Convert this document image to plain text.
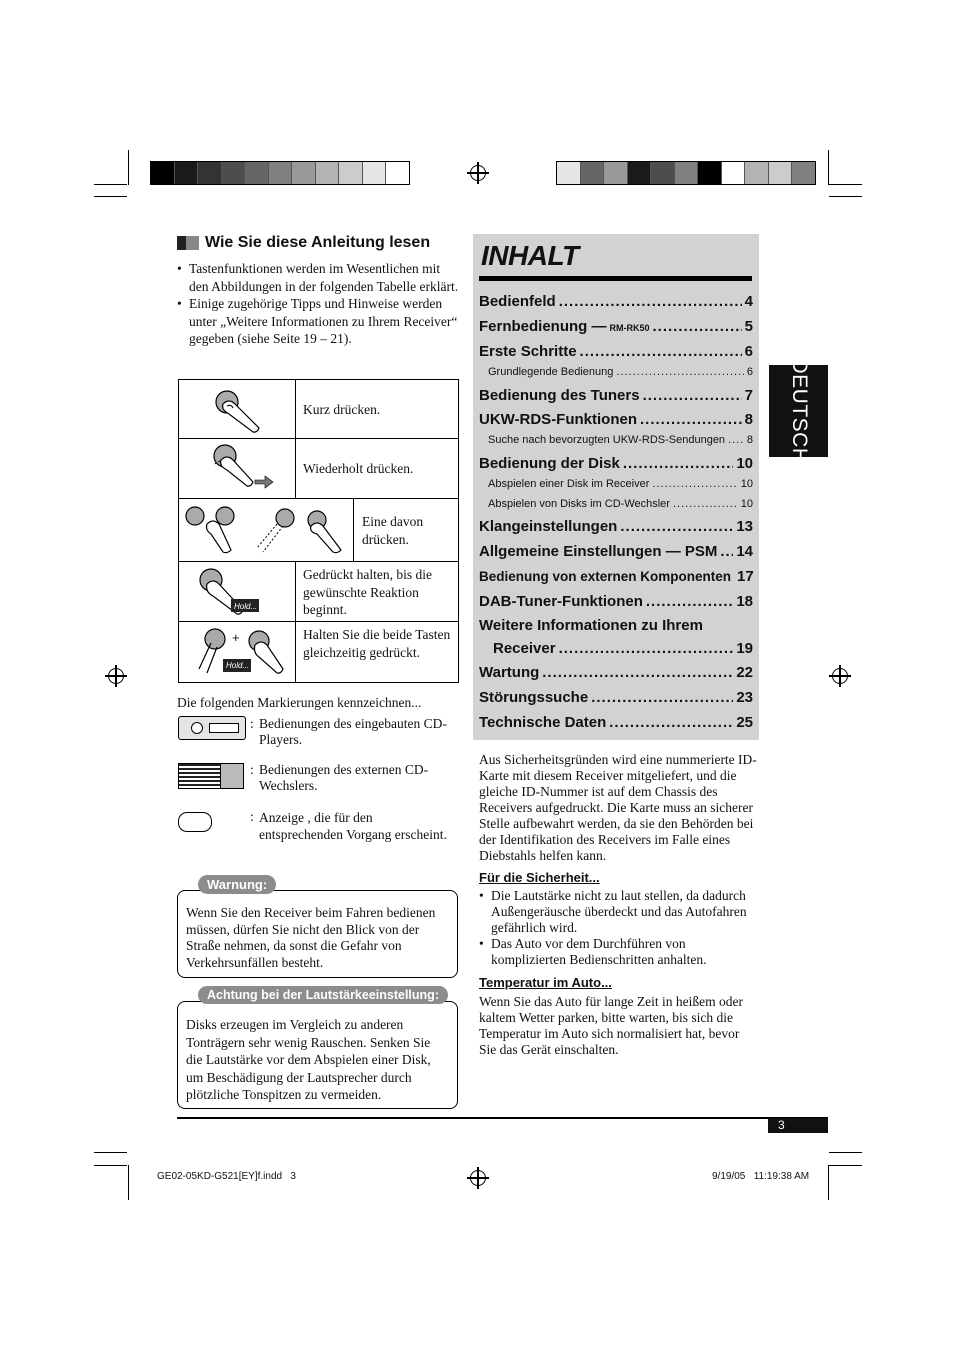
Wie Sie diese Anleitung lesen
• Tastenfunktionen werden im Wesentlichen mit den Abbildungen in der folgenden Tabelle erklärt.
• Einige zugehörige Tipps und Hinweise werden unter „Weitere Informationen zu Ihrem Receiver“ gegeben (siehe Seite 19 – 21).
Kurz drücken.
Wiederholt drücken.
Eine davon drücken.
Hold...
Gedrückt halten, bis die gewünschte Reaktion beginnt.
+
Hold...
Halten Sie die beide Tasten gleichzeitig gedrückt.
Die folgenden Markierungen kennzeichnen...
: Bedienungen des eingebauten CD-Players.
: Bedienungen des externen CD-Wechslers.
: Anzeige , die für den entsprechenden Vorgang erscheint.
Wenn Sie den Receiver beim Fahren bedienen müssen, dürfen Sie nicht den Blick von der Straße nehmen, da sonst die Gefahr von Verkehrsunfällen besteht.
Warnung:
Disks erzeugen im Vergleich zu anderen Tonträgern sehr wenig Rauschen. Senken Sie die Lautstärke vor dem Abspielen einer Disk, um Beschädigung der Lautsprecher durch plötzliche Tonspitzen zu vermeiden.
Achtung bei der Lautstärkeeinstellung:
INHALT
Bedienfeld .....	4
Fernbedienung — RM-RK50 .....	5
Erste Schritte .....	6
Grundlegende Bedienung .....	6
Bedienung des Tuners .....	7
UKW-RDS-Funktionen .....	8
Suche nach bevorzugten UKW-RDS-Sendungen ..... 8
Bedienung der Disk .....	10
Abspielen einer Disk im Receiver .....	10
Abspielen von Disks im CD-Wechsler .....	10
Klangeinstellungen .....	13
Allgemeine Einstellungen — PSM ..... 14
Bedienung von externen Komponenten 17
DAB-Tuner-Funktionen .....	18
Weitere Informationen zu Ihrem
Receiver .....	19
Wartung .....	22
Störungssuche .....	23
Technische Daten .....	25
DEUTSCH
Aus Sicherheitsgründen wird eine nummerierte ID-Karte mit diesem Receiver mitgeliefert, und die gleiche ID-Nummer ist auf dem Chassis des Receivers aufgedruckt. Die Karte muss an sicherer Stelle aufbewahrt werden, da sie den Behörden bei der Identifikation des Receivers im Falle eines Diebstahls helfen kann.
Für die Sicherheit...
• Die Lautstärke nicht zu laut stellen, da dadurch Außengeräusche überdeckt und das Autofahren gefährlich wird.
• Das Auto vor dem Durchführen von komplizierten Bedienschritten anhalten.
Temperatur im Auto...
Wenn Sie das Auto für lange Zeit in heißem oder kaltem Wetter parken, bitte warten, bis sich die Temperatur im Auto sich normalisiert hat, bevor Sie das Gerät einschalten.
3
GE02-05KD-G521[EY]f.indd   3	9/19/05   11:19:38 AM
